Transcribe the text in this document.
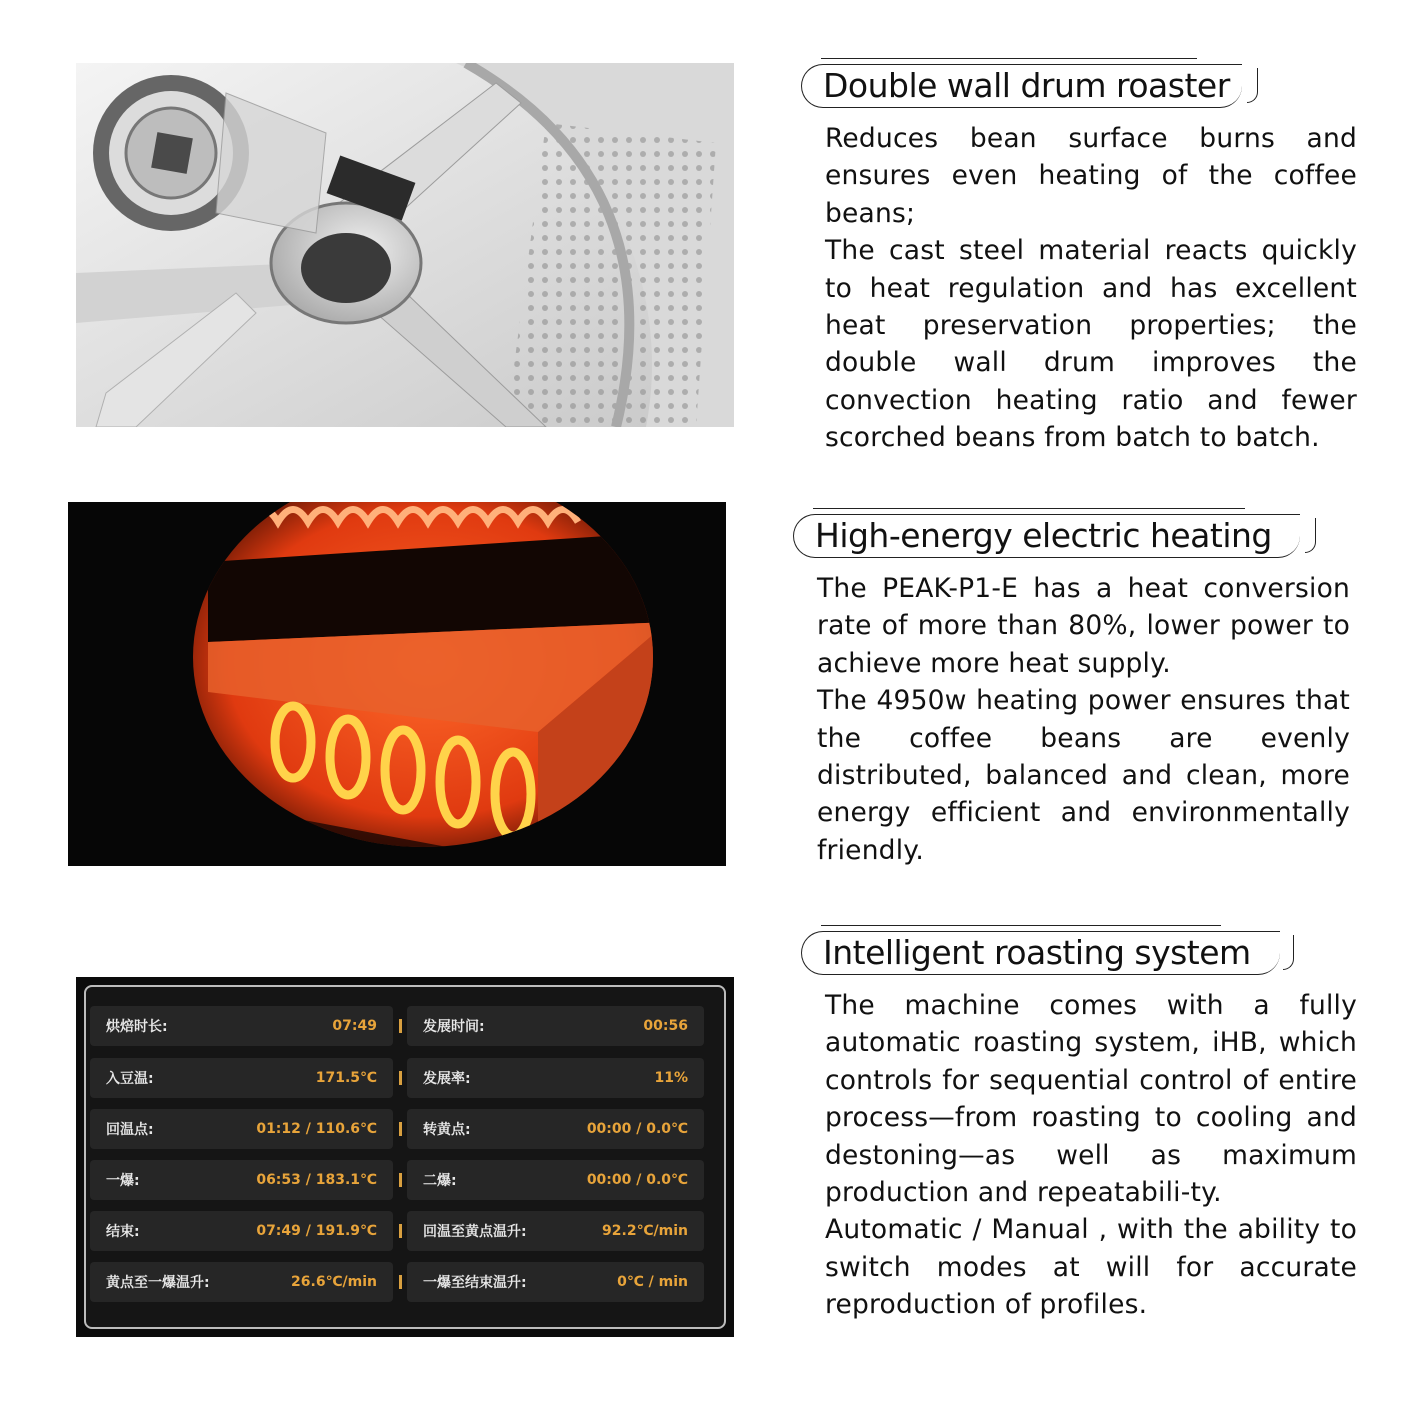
Double wall drum roaster

Reduces bean surface burns and ensures even heating of the coffee beans;

The cast steel material reacts quickly to heat regulation and has excellent heat preservation properties; the double wall drum improves the convection heating ratio and fewer scorched beans from batch to batch.

High-energy electric heating

The PEAK-P1-E has a heat conversion rate of more than 80%, lower power to achieve more heat supply.

The 4950w heating power ensures that the coffee beans are evenly distributed, balanced and clean, more energy efficient and environmentally friendly.

烘焙时长:	07:49	发展时间:	00:56
入豆温:	171.5℃	发展率:	11%
回温点:	01:12 / 110.6℃	转黄点:	00:00 / 0.0℃
一爆:	06:53 / 183.1℃	二爆:	00:00 / 0.0℃
结束:	07:49 / 191.9℃	回温至黄点温升:	92.2℃/min
黄点至一爆温升:	26.6℃/min	一爆至结束温升:	0℃ / min
Intelligent roasting system

The machine comes with a fully automatic roasting system, iHB, which controls for sequential control of entire process—from roasting to cooling and destoning—as well as maximum production and repeatabili-ty.

Automatic / Manual , with the ability to switch modes at will for accurate reproduction of profiles.
